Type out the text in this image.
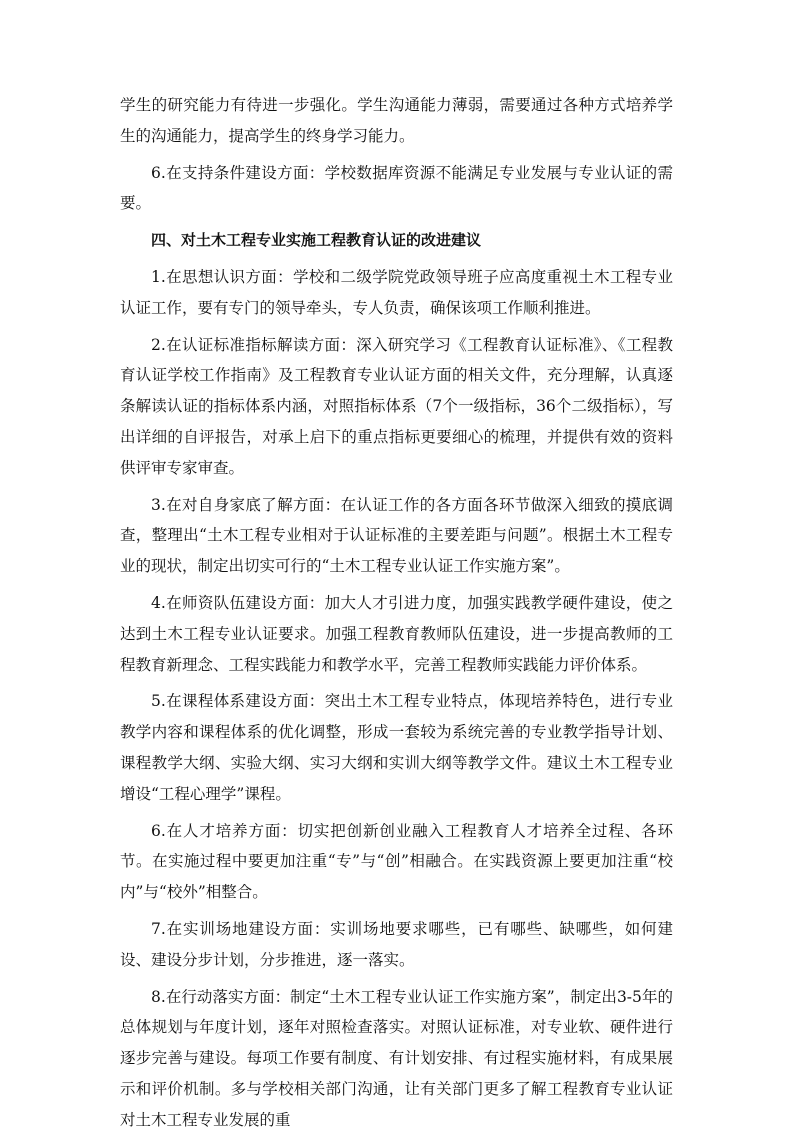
学生的研究能力有待进一步强化。学生沟通能力薄弱，需要通过各种方式培养学生的沟通能力，提高学生的终身学习能力。

6.在支持条件建设方面：学校数据库资源不能满足专业发展与专业认证的需要。

四、对土木工程专业实施工程教育认证的改进建议

1.在思想认识方面：学校和二级学院党政领导班子应高度重视土木工程专业认证工作，要有专门的领导牵头，专人负责，确保该项工作顺利推进。

2.在认证标准指标解读方面：深入研究学习《工程教育认证标准》、《工程教育认证学校工作指南》及工程教育专业认证方面的相关文件，充分理解，认真逐条解读认证的指标体系内涵，对照指标体系（7个一级指标，36个二级指标），写出详细的自评报告，对承上启下的重点指标更要细心的梳理，并提供有效的资料供评审专家审查。

3.在对自身家底了解方面：在认证工作的各方面各环节做深入细致的摸底调查，整理出“土木工程专业相对于认证标准的主要差距与问题”。根据土木工程专业的现状，制定出切实可行的“土木工程专业认证工作实施方案”。

4.在师资队伍建设方面：加大人才引进力度，加强实践教学硬件建设，使之达到土木工程专业认证要求。加强工程教育教师队伍建设，进一步提高教师的工程教育新理念、工程实践能力和教学水平，完善工程教师实践能力评价体系。

5.在课程体系建设方面：突出土木工程专业特点，体现培养特色，进行专业教学内容和课程体系的优化调整，形成一套较为系统完善的专业教学指导计划、课程教学大纲、实验大纲、实习大纲和实训大纲等教学文件。建议土木工程专业增设“工程心理学”课程。

6.在人才培养方面：切实把创新创业融入工程教育人才培养全过程、各环节。在实施过程中要更加注重“专”与“创”相融合。在实践资源上要更加注重“校内”与“校外”相整合。

7.在实训场地建设方面：实训场地要求哪些，已有哪些、缺哪些，如何建设、建设分步计划，分步推进，逐一落实。

8.在行动落实方面：制定“土木工程专业认证工作实施方案”，制定出3-5年的总体规划与年度计划，逐年对照检查落实。对照认证标准，对专业软、硬件进行逐步完善与建设。每项工作要有制度、有计划安排、有过程实施材料，有成果展示和评价机制。多与学校相关部门沟通，让有关部门更多了解工程教育专业认证对土木工程专业发展的重
